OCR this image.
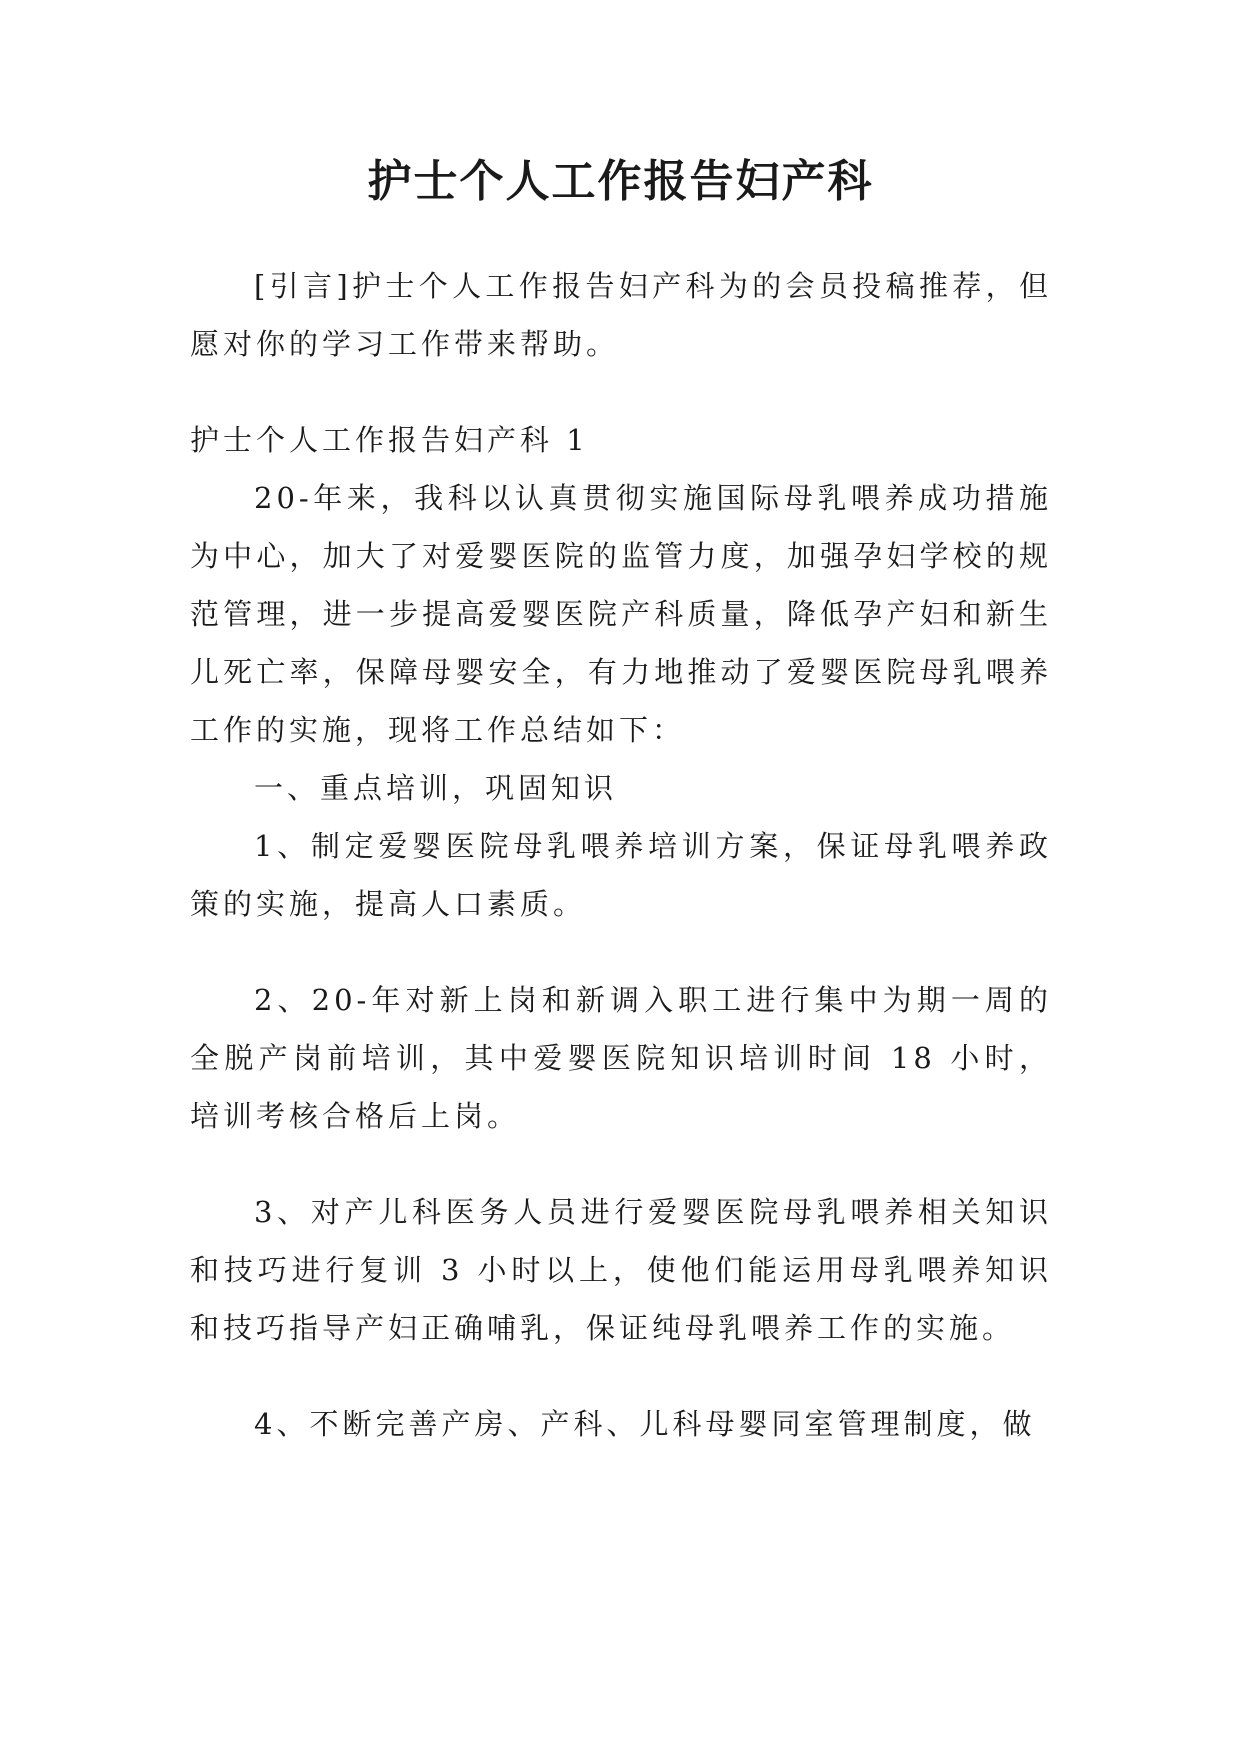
护士个人工作报告妇产科

[引言]护士个人工作报告妇产科为的会员投稿推荐，但愿对你的学习工作带来帮助。

护士个人工作报告妇产科 1

20-年来，我科以认真贯彻实施国际母乳喂养成功措施为中心，加大了对爱婴医院的监管力度，加强孕妇学校的规范管理，进一步提高爱婴医院产科质量，降低孕产妇和新生儿死亡率，保障母婴安全，有力地推动了爱婴医院母乳喂养工作的实施，现将工作总结如下：

一、重点培训，巩固知识

1、制定爱婴医院母乳喂养培训方案，保证母乳喂养政策的实施，提高人口素质。

2、20-年对新上岗和新调入职工进行集中为期一周的全脱产岗前培训，其中爱婴医院知识培训时间 18 小时，培训考核合格后上岗。

3、对产儿科医务人员进行爱婴医院母乳喂养相关知识和技巧进行复训 3 小时以上，使他们能运用母乳喂养知识和技巧指导产妇正确哺乳，保证纯母乳喂养工作的实施。

4、不断完善产房、产科、儿科母婴同室管理制度，做
